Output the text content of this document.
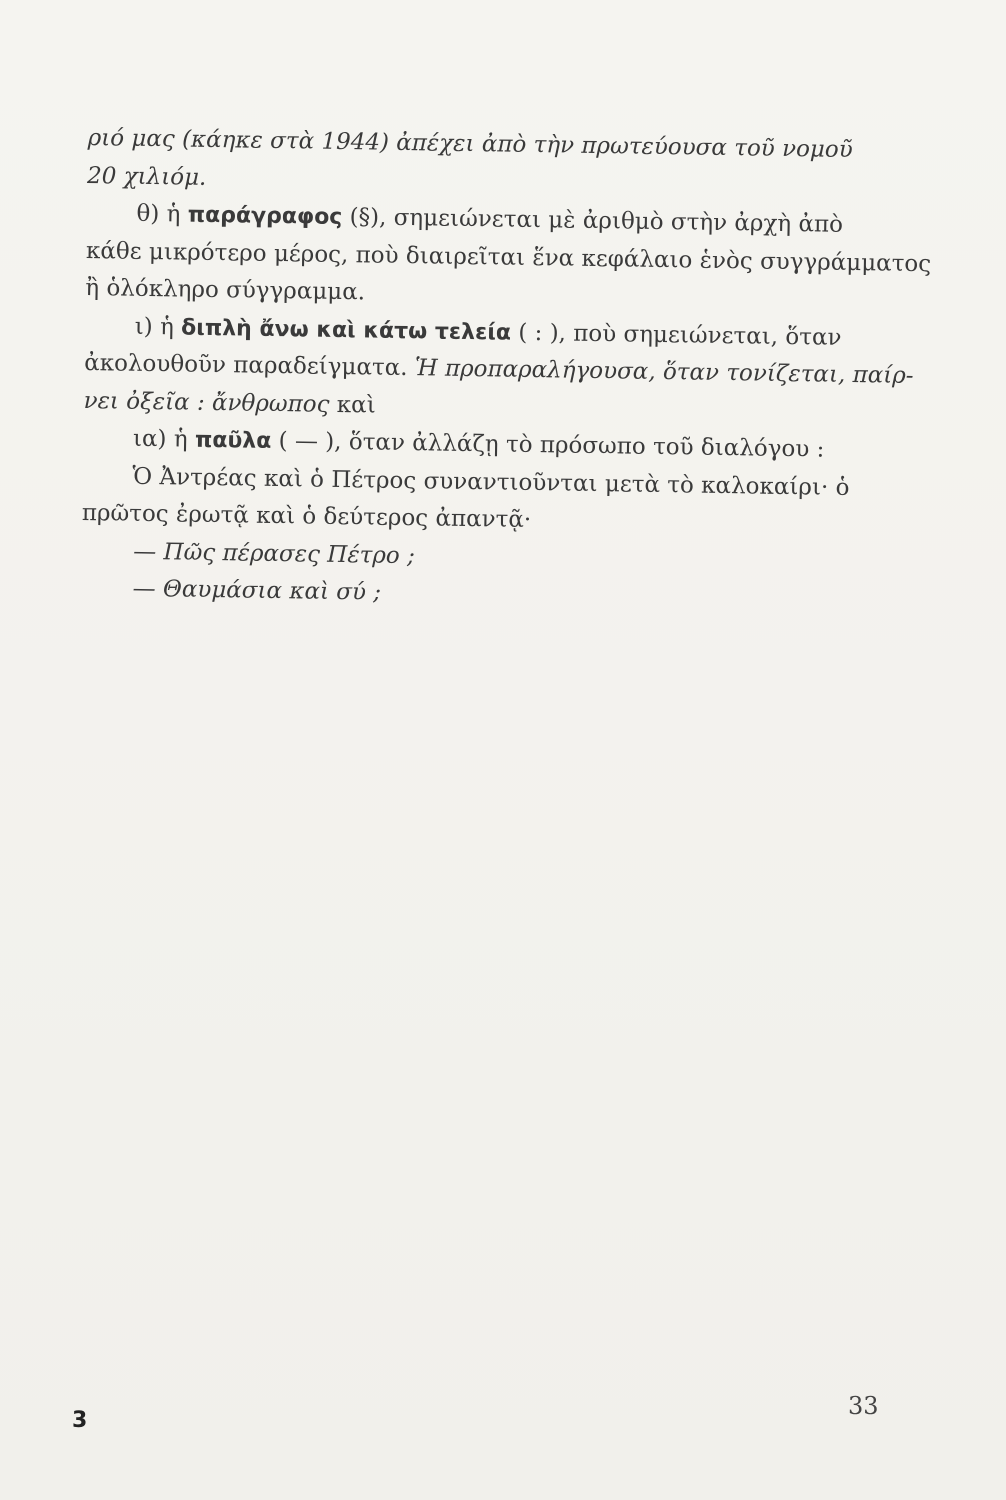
ριό μας (κάηκε στὰ 1944) ἀπέχει ἀπὸ τὴν πρωτεύουσα τοῦ νομοῦ
20 χιλιόμ.
θ) ἡ παράγραφος (§), σημειώνεται μὲ ἀριθμὸ στὴν ἀρχὴ ἀπὸ
κάθε μικρότερο μέρος, ποὺ διαιρεῖται ἕνα κεφάλαιο ἑνὸς συγγράμματος
ἢ ὁλόκληρο σύγγραμμα.
ι) ἡ διπλὴ ἄνω καὶ κάτω τελεία ( : ), ποὺ σημειώνεται, ὅταν
ἀκολουθοῦν παραδείγματα. Ἡ προπαραλήγουσα, ὅταν τονίζεται, παίρ-
νει ὀξεῖα : ἄνθρωπος καὶ
ια) ἡ παῦλα ( — ), ὅταν ἀλλάζῃ τὸ πρόσωπο τοῦ διαλόγου :
Ὁ Ἀντρέας καὶ ὁ Πέτρος συναντιοῦνται μετὰ τὸ καλοκαίρι· ὁ
πρῶτος ἐρωτᾷ καὶ ὁ δεύτερος ἀπαντᾷ·
— Πῶς πέρασες Πέτρο ;
— Θαυμάσια καὶ σύ ;
3
33
